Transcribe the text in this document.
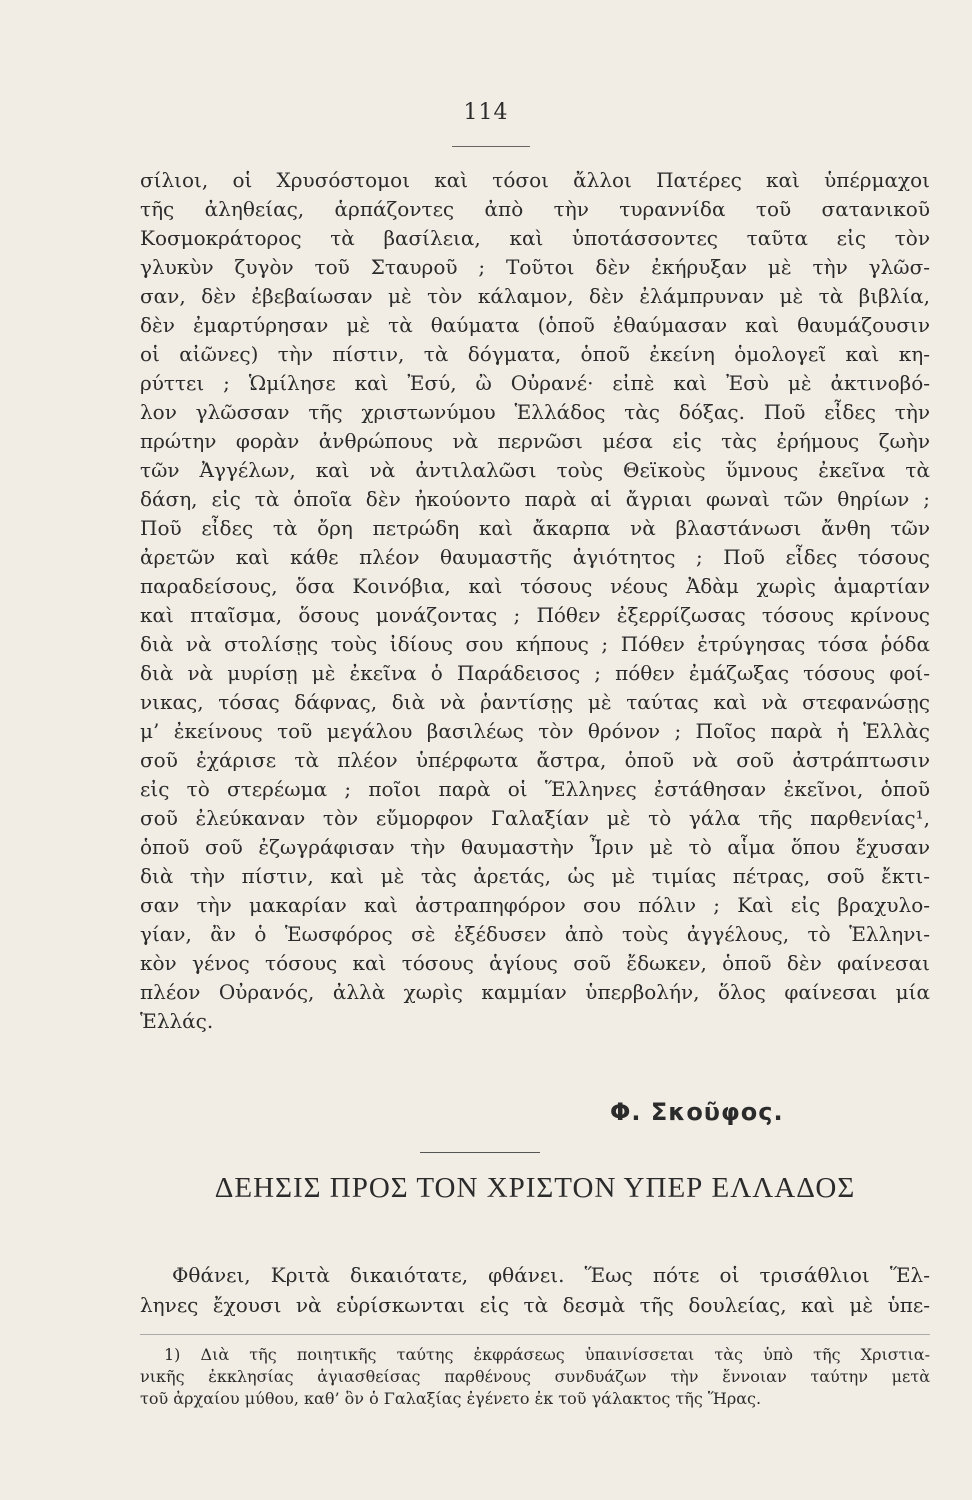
114
σίλιοι, οἱ Χρυσόστομοι καὶ τόσοι ἄλλοι Πατέρες καὶ ὑπέρμαχοι
τῆς ἀληθείας, ἁρπάζοντες ἀπὸ τὴν τυραννίδα τοῦ σατανικοῦ
Κοσμοκράτορος τὰ βασίλεια, καὶ ὑποτάσσοντες ταῦτα εἰς τὸν
γλυκὺν ζυγὸν τοῦ Σταυροῦ ; Τοῦτοι δὲν ἐκήρυξαν μὲ τὴν γλῶσ-
σαν, δὲν ἐβεβαίωσαν μὲ τὸν κάλαμον, δὲν ἐλάμπρυναν μὲ τὰ βιβλία,
δὲν ἐμαρτύρησαν μὲ τὰ θαύματα (ὁποῦ ἐθαύμασαν καὶ θαυμάζουσιν
οἱ αἰῶνες) τὴν πίστιν, τὰ δόγματα, ὁποῦ ἐκείνη ὁμολογεῖ καὶ κη-
ρύττει ; Ὡμίλησε καὶ Ἐσύ, ὢ Οὐρανέ· εἰπὲ καὶ Ἐσὺ μὲ ἀκτινοβό-
λον γλῶσσαν τῆς χριστωνύμου Ἑλλάδος τὰς δόξας. Ποῦ εἶδες τὴν
πρώτην φορὰν ἀνθρώπους νὰ περνῶσι μέσα εἰς τὰς ἐρήμους ζωὴν
τῶν Ἀγγέλων, καὶ νὰ ἀντιλαλῶσι τοὺς Θεϊκοὺς ὕμνους ἐκεῖνα τὰ
δάση, εἰς τὰ ὁποῖα δὲν ἠκούοντο παρὰ αἱ ἄγριαι φωναὶ τῶν θηρίων ;
Ποῦ εἶδες τὰ ὄρη πετρώδη καὶ ἄκαρπα νὰ βλαστάνωσι ἄνθη τῶν
ἀρετῶν καὶ κάθε πλέον θαυμαστῆς ἁγιότητος ; Ποῦ εἶδες τόσους
παραδείσους, ὅσα Κοινόβια, καὶ τόσους νέους Ἀδὰμ χωρὶς ἁμαρτίαν
καὶ πταῖσμα, ὅσους μονάζοντας ; Πόθεν ἐξερρίζωσας τόσους κρίνους
διὰ νὰ στολίσῃς τοὺς ἰδίους σου κήπους ; Πόθεν ἐτρύγησας τόσα ῥόδα
διὰ νὰ μυρίσῃ μὲ ἐκεῖνα ὁ Παράδεισος ; πόθεν ἐμάζωξας τόσους φοί-
νικας, τόσας δάφνας, διὰ νὰ ῥαντίσῃς μὲ ταύτας καὶ νὰ στεφανώσῃς
μ’ ἐκείνους τοῦ μεγάλου βασιλέως τὸν θρόνον ; Ποῖος παρὰ ἡ Ἑλλὰς
σοῦ ἐχάρισε τὰ πλέον ὑπέρφωτα ἄστρα, ὁποῦ νὰ σοῦ ἀστράπτωσιν
εἰς τὸ στερέωμα ; ποῖοι παρὰ οἱ Ἕλληνες ἐστάθησαν ἐκεῖνοι, ὁποῦ
σοῦ ἐλεύκαναν τὸν εὔμορφον Γαλαξίαν μὲ τὸ γάλα τῆς παρθενίας¹,
ὁποῦ σοῦ ἐζωγράφισαν τὴν θαυμαστὴν Ἶριν μὲ τὸ αἷμα ὅπου ἔχυσαν
διὰ τὴν πίστιν, καὶ μὲ τὰς ἀρετάς, ὡς μὲ τιμίας πέτρας, σοῦ ἔκτι-
σαν τὴν μακαρίαν καὶ ἀστραπηφόρον σου πόλιν ; Καὶ εἰς βραχυλο-
γίαν, ἂν ὁ Ἑωσφόρος σὲ ἐξέδυσεν ἀπὸ τοὺς ἀγγέλους, τὸ Ἑλληνι-
κὸν γένος τόσους καὶ τόσους ἁγίους σοῦ ἔδωκεν, ὁποῦ δὲν φαίνεσαι
πλέον Οὐρανός, ἀλλὰ χωρὶς καμμίαν ὑπερβολήν, ὅλος φαίνεσαι μία
Ἑλλάς.
Φ. Σκοῦφος.
ΔΕΗΣΙΣ ΠΡΟΣ ΤΟΝ ΧΡΙΣΤΟΝ ΥΠΕΡ ΕΛΛΑΔΟΣ
Φθάνει, Κριτὰ δικαιότατε, φθάνει. Ἕως πότε οἱ τρισάθλιοι Ἕλ-
ληνες ἔχουσι νὰ εὑρίσκωνται εἰς τὰ δεσμὰ τῆς δουλείας, καὶ μὲ ὑπε-
1) Διὰ τῆς ποιητικῆς ταύτης ἐκφράσεως ὑπαινίσσεται τὰς ὑπὸ τῆς Χριστια-
νικῆς ἐκκλησίας ἁγιασθείσας παρθένους συνδυάζων τὴν ἔννοιαν ταύτην μετὰ
τοῦ ἀρχαίου μύθου, καθ’ ὃν ὁ Γαλαξίας ἐγένετο ἐκ τοῦ γάλακτος τῆς Ἥρας.
